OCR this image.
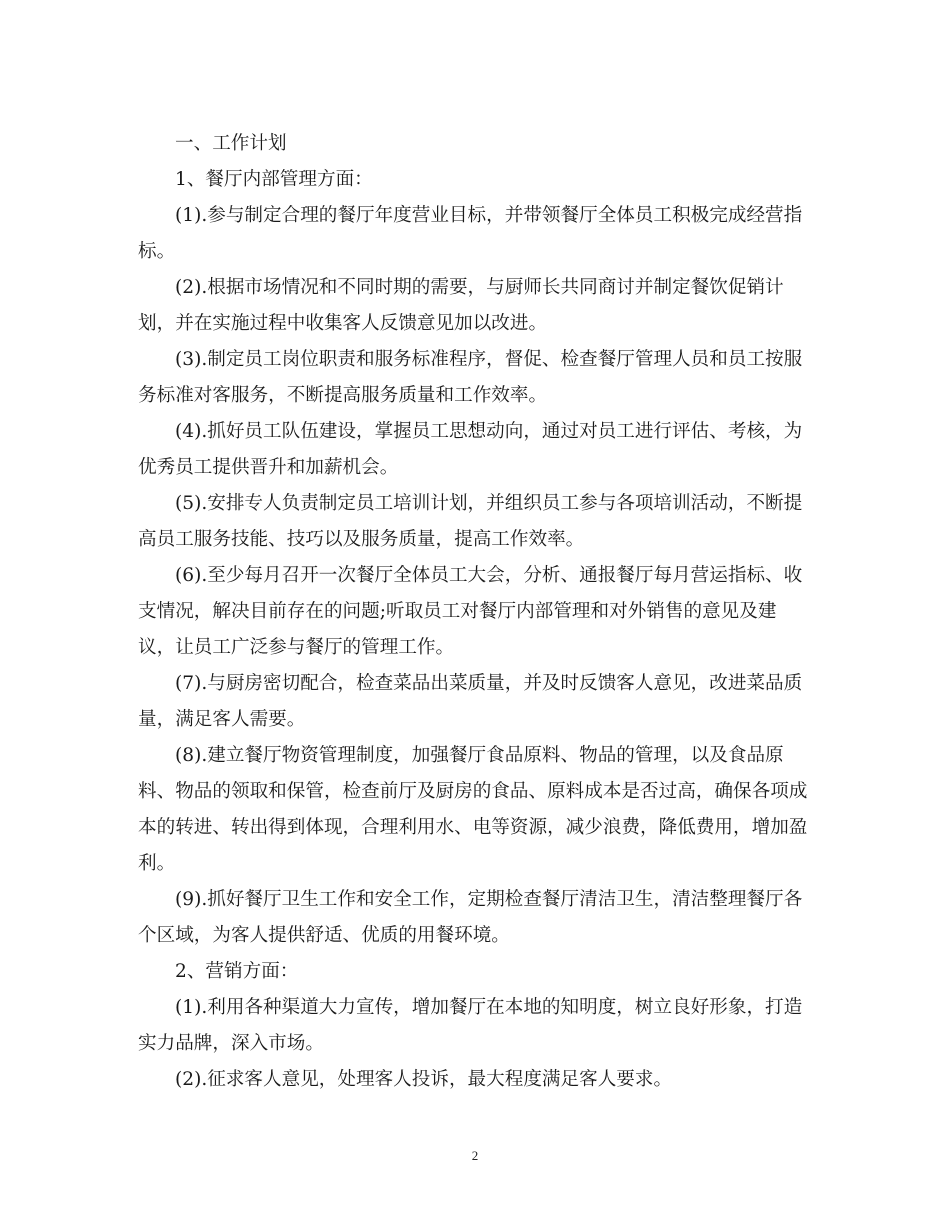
一、工作计划
1、餐厅内部管理方面：
(1).参与制定合理的餐厅年度营业目标，并带领餐厅全体员工积极完成经营指
标。
(2).根据市场情况和不同时期的需要，与厨师长共同商讨并制定餐饮促销计
划，并在实施过程中收集客人反馈意见加以改进。
(3).制定员工岗位职责和服务标准程序，督促、检查餐厅管理人员和员工按服
务标准对客服务，不断提高服务质量和工作效率。
(4).抓好员工队伍建设，掌握员工思想动向，通过对员工进行评估、考核，为
优秀员工提供晋升和加薪机会。
(5).安排专人负责制定员工培训计划，并组织员工参与各项培训活动，不断提
高员工服务技能、技巧以及服务质量，提高工作效率。
(6).至少每月召开一次餐厅全体员工大会，分析、通报餐厅每月营运指标、收
支情况，解决目前存在的问题;听取员工对餐厅内部管理和对外销售的意见及建
议，让员工广泛参与餐厅的管理工作。
(7).与厨房密切配合，检查菜品出菜质量，并及时反馈客人意见，改进菜品质
量，满足客人需要。
(8).建立餐厅物资管理制度，加强餐厅食品原料、物品的管理，以及食品原
料、物品的领取和保管，检查前厅及厨房的食品、原料成本是否过高，确保各项成
本的转进、转出得到体现，合理利用水、电等资源，减少浪费，降低费用，增加盈
利。
(9).抓好餐厅卫生工作和安全工作，定期检查餐厅清洁卫生，清洁整理餐厅各
个区域，为客人提供舒适、优质的用餐环境。
2、营销方面：
(1).利用各种渠道大力宣传，增加餐厅在本地的知明度，树立良好形象，打造
实力品牌，深入市场。
(2).征求客人意见，处理客人投诉，最大程度满足客人要求。
2
